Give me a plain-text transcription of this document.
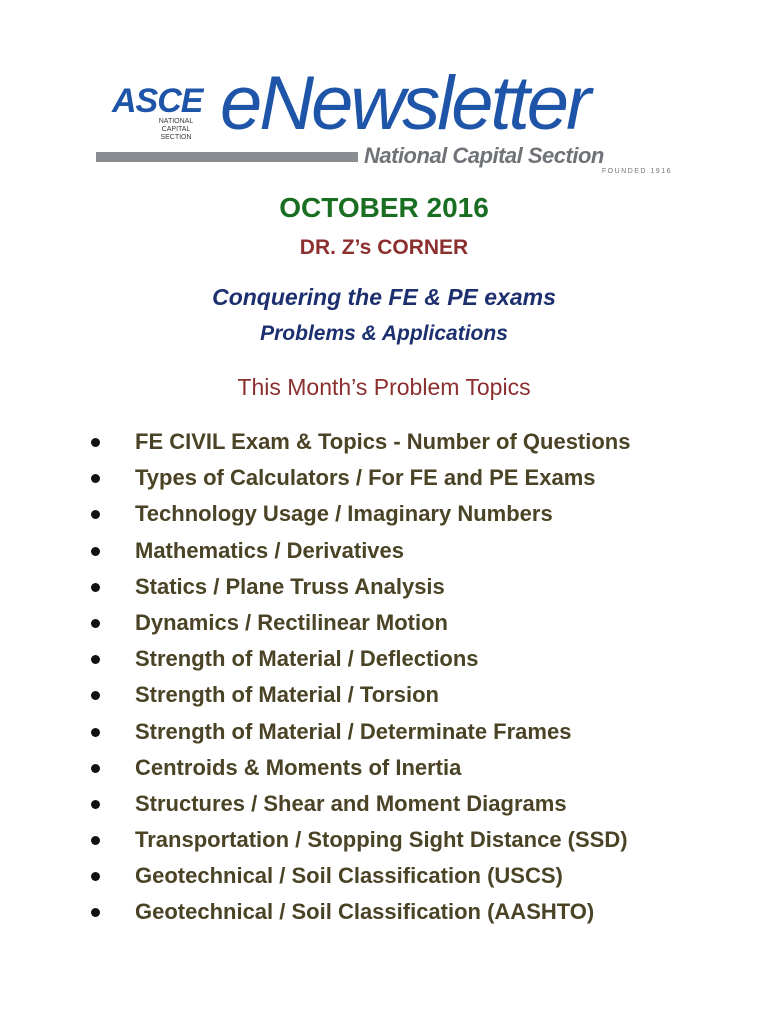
ASCE
NATIONAL CAPITAL
SECTION eNewsletter
National Capital Section
FOUNDED 1916
OCTOBER 2016
DR. Z’s CORNER
Conquering the FE & PE exams
Problems & Applications
This Month’s Problem Topics
FE CIVIL Exam & Topics - Number of Questions
Types of Calculators / For FE and PE Exams
Technology Usage / Imaginary Numbers
Mathematics / Derivatives
Statics / Plane Truss Analysis
Dynamics / Rectilinear Motion
Strength of Material / Deflections
Strength of Material / Torsion
Strength of Material / Determinate Frames
Centroids & Moments of Inertia
Structures / Shear and Moment Diagrams
Transportation / Stopping Sight Distance (SSD)
Geotechnical / Soil Classification (USCS)
Geotechnical / Soil Classification (AASHTO)
